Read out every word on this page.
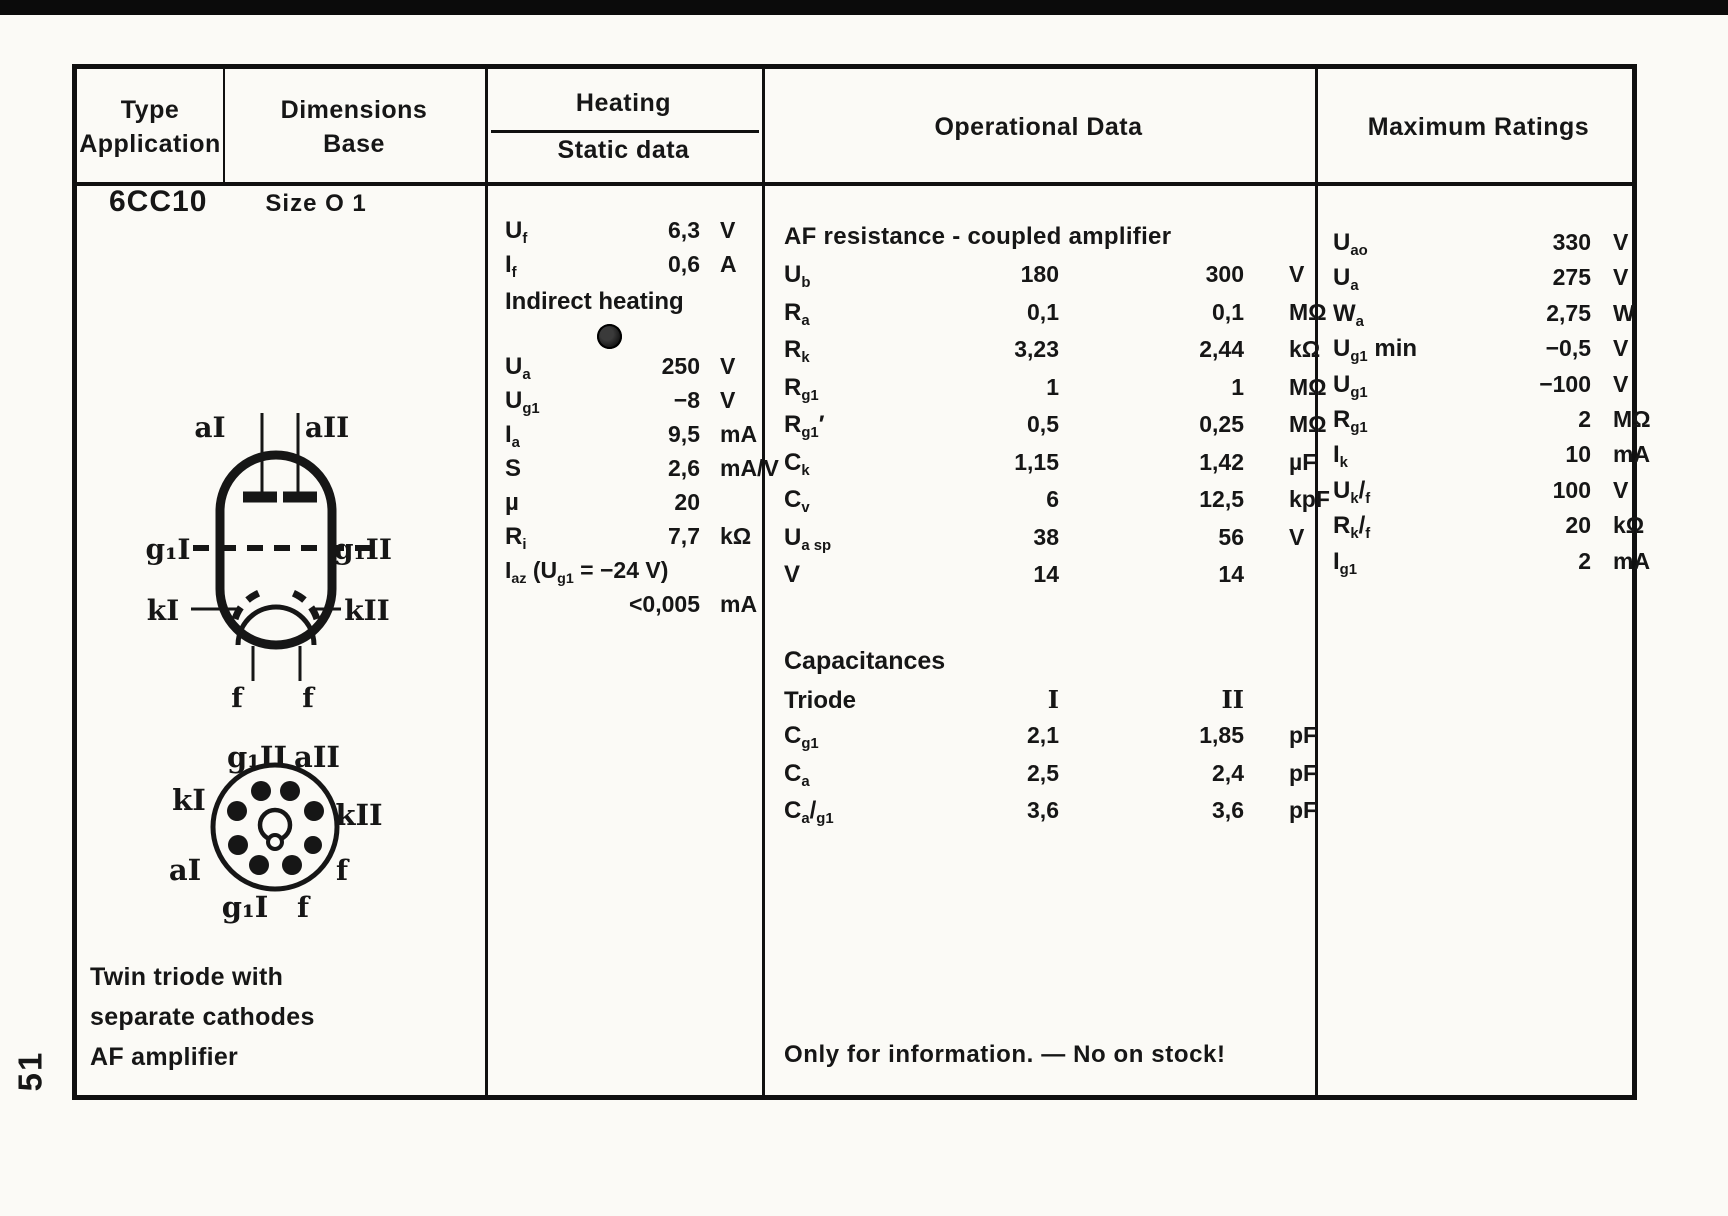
51
Type
Application
Dimensions
Base
Heating
Static data
Operational Data	Maximum Ratings
6CC10 Size O 1
aI	aII
g₁I	g₁II
kI	kII
f f
g₁II aII
kI	kII
aI	f
g₁I f
Twin triode with
separate cathodes
AF amplifier
$U_f$	6,3 V
$I_f$	0,6 A
Indirect heating
$U_a$	250 V
$U_{g1}$	−8 V
$I_a$	9,5 mA
S	2,6 mA/V
µ	20
$R_i$	7,7 kΩ
$I_{az}$ ($U_{g1} = -24$ V)
<0,005 mA
AF resistance - coupled amplifier
$U_b$	180	300	V
$R_a$	0,1	0,1	MΩ
$R_k$	3,23	2,44	kΩ
$R_{g1}$	1	1	MΩ
$R_{g1}'$	0,5	0,25	MΩ
$C_k$	1,15	1,42	µF
$C_v$	6	12,5	kpF
$U_{a sp}$	38	56	V
V	14	14
Capacitances
Triode	I	II
$C_{g1}$	2,1	1,85	pF
$C_a$	2,5	2,4	pF
$C_a/_{g1}$	3,6	3,6	pF
Only for information. — No on stock!
$U_{ao}$	330 V
$U_a$	275 V
$W_a$	2,75 W
$U_{g1}$ min	−0,5 V
$U_{g1}$	−100 V
$R_{g1}$	2 MΩ
$I_k$	10 mA
$U_k/_f$	100 V
$R_k/_f$	20 kΩ
$I_{g1}$	2 mA
